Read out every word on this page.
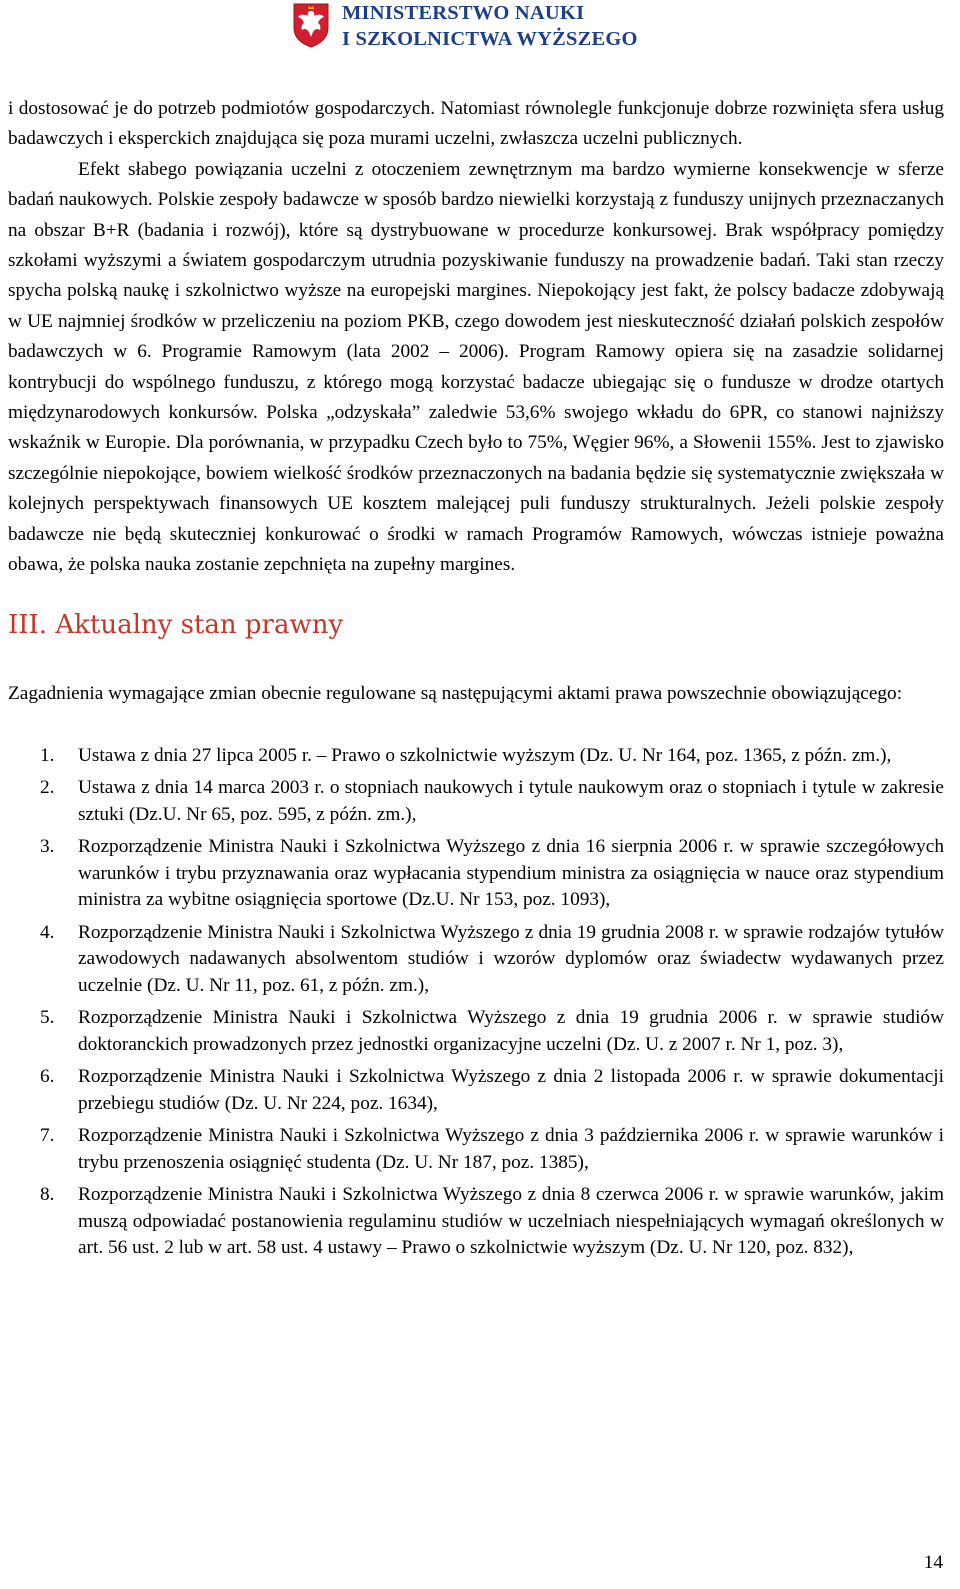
MINISTERSTWO NAUKI
I SZKOLNICTWA WYŻSZEGO

i dostosować je do potrzeb podmiotów gospodarczych. Natomiast równolegle funkcjonuje dobrze rozwinięta sfera usług badawczych i eksperckich znajdująca się poza murami uczelni, zwłaszcza uczelni publicznych.

Efekt słabego powiązania uczelni z otoczeniem zewnętrznym ma bardzo wymierne konsekwencje w sferze badań naukowych. Polskie zespoły badawcze w sposób bardzo niewielki korzystają z funduszy unijnych przeznaczanych na obszar B+R (badania i rozwój), które są dystrybuowane w procedurze konkursowej. Brak współpracy pomiędzy szkołami wyższymi a światem gospodarczym utrudnia pozyskiwanie funduszy na prowadzenie badań. Taki stan rzeczy spycha polską naukę i szkolnictwo wyższe na europejski margines. Niepokojący jest fakt, że polscy badacze zdobywają w UE najmniej środków w przeliczeniu na poziom PKB, czego dowodem jest nieskuteczność działań polskich zespołów badawczych w 6. Programie Ramowym (lata 2002 – 2006). Program Ramowy opiera się na zasadzie solidarnej kontrybucji do wspólnego funduszu, z którego mogą korzystać badacze ubiegając się o fundusze w drodze otartych międzynarodowych konkursów. Polska „odzyskała” zaledwie 53,6% swojego wkładu do 6PR, co stanowi najniższy wskaźnik w Europie. Dla porównania, w przypadku Czech było to 75%, Węgier 96%, a Słowenii 155%. Jest to zjawisko szczególnie niepokojące, bowiem wielkość środków przeznaczonych na badania będzie się systematycznie zwiększała w kolejnych perspektywach finansowych UE kosztem malejącej puli funduszy strukturalnych. Jeżeli polskie zespoły badawcze nie będą skuteczniej konkurować o środki w ramach Programów Ramowych, wówczas istnieje poważna obawa, że polska nauka zostanie zepchnięta na zupełny margines.

III. Aktualny stan prawny

Zagadnienia wymagające zmian obecnie regulowane są następującymi aktami prawa powszechnie obowiązującego:

1. Ustawa z dnia 27 lipca 2005 r. – Prawo o szkolnictwie wyższym (Dz. U. Nr 164, poz. 1365, z późn. zm.),
2. Ustawa z dnia 14 marca 2003 r. o stopniach naukowych i tytule naukowym oraz o stopniach i tytule w zakresie sztuki (Dz.U. Nr 65, poz. 595, z późn. zm.),
3. Rozporządzenie Ministra Nauki i Szkolnictwa Wyższego z dnia 16 sierpnia 2006 r. w sprawie szczegółowych warunków i trybu przyznawania oraz wypłacania stypendium ministra za osiągnięcia w nauce oraz stypendium ministra za wybitne osiągnięcia sportowe (Dz.U. Nr 153, poz. 1093),
4. Rozporządzenie Ministra Nauki i Szkolnictwa Wyższego z dnia 19 grudnia 2008 r. w sprawie rodzajów tytułów zawodowych nadawanych absolwentom studiów i wzorów dyplomów oraz świadectw wydawanych przez uczelnie (Dz. U. Nr 11, poz. 61, z późn. zm.),
5. Rozporządzenie Ministra Nauki i Szkolnictwa Wyższego z dnia 19 grudnia 2006 r. w sprawie studiów doktoranckich prowadzonych przez jednostki organizacyjne uczelni (Dz. U. z 2007 r. Nr 1, poz. 3),
6. Rozporządzenie Ministra Nauki i Szkolnictwa Wyższego z dnia 2 listopada 2006 r. w sprawie dokumentacji przebiegu studiów (Dz. U. Nr 224, poz. 1634),
7. Rozporządzenie Ministra Nauki i Szkolnictwa Wyższego z dnia 3 października 2006 r. w sprawie warunków i trybu przenoszenia osiągnięć studenta (Dz. U. Nr 187, poz. 1385),
8. Rozporządzenie Ministra Nauki i Szkolnictwa Wyższego z dnia 8 czerwca 2006 r. w sprawie warunków, jakim muszą odpowiadać postanowienia regulaminu studiów w uczelniach niespełniających wymagań określonych w art. 56 ust. 2 lub w art. 58 ust. 4 ustawy – Prawo o szkolnictwie wyższym (Dz. U. Nr 120, poz. 832),
14
